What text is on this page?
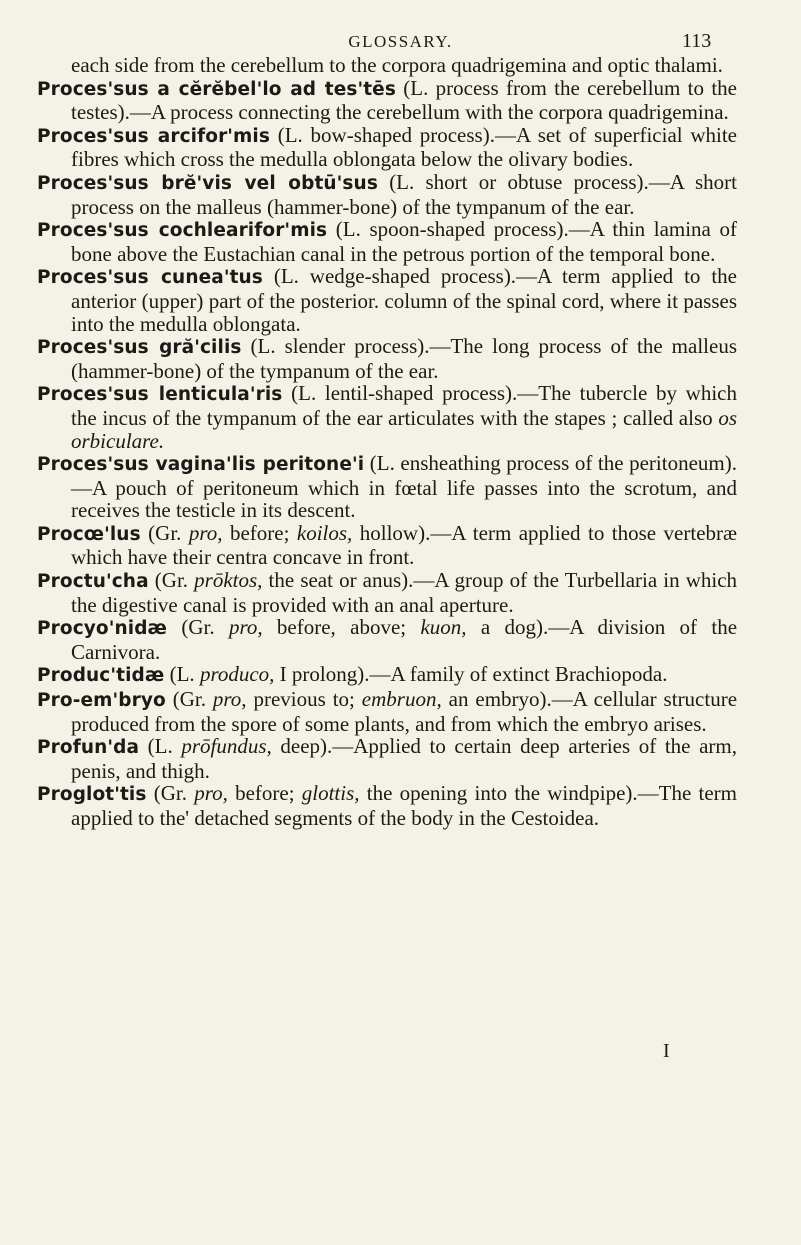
GLOSSARY.	113

each side from the cerebellum to the corpora quadrigemina and optic thalami.

Proces'sus a cĕrĕbel'lo ad tes'tēs (L. process from the cerebellum to the testes).—A process connecting the cerebellum with the corpora quadrigemina.

Proces'sus arcifor'mis (L. bow-shaped process).—A set of superficial white fibres which cross the medulla oblongata below the olivary bodies.

Proces'sus brĕ'vis vel obtū'sus (L. short or obtuse process).—A short process on the malleus (hammer-bone) of the tympanum of the ear.

Proces'sus cochlearifor'mis (L. spoon-shaped process).—A thin lamina of bone above the Eustachian canal in the petrous portion of the temporal bone.

Proces'sus cunea'tus (L. wedge-shaped process).—A term applied to the anterior (upper) part of the posterior. column of the spinal cord, where it passes into the medulla oblongata.

Proces'sus gră'cilis (L. slender process).—The long process of the malleus (hammer-bone) of the tympanum of the ear.

Proces'sus lenticula'ris (L. lentil-shaped process).—The tubercle by which the incus of the tympanum of the ear articulates with the stapes ; called also os orbiculare.

Proces'sus vagina'lis peritone'i (L. ensheathing process of the peritoneum).—A pouch of peritoneum which in fœtal life passes into the scrotum, and receives the testicle in its descent.

Procœ'lus (Gr. pro, before; koilos, hollow).—A term applied to those vertebræ which have their centra concave in front.

Proctu'cha (Gr. prōktos, the seat or anus).—A group of the Turbellaria in which the digestive canal is provided with an anal aperture.

Procyo'nidæ (Gr. pro, before, above; kuon, a dog).—A division of the Carnivora.

Produc'tidæ (L. produco, I prolong).—A family of extinct Brachiopoda.

Pro-em'bryo (Gr. pro, previous to; embruon, an embryo).—A cellular structure produced from the spore of some plants, and from which the embryo arises.

Profun'da (L. prōfundus, deep).—Applied to certain deep arteries of the arm, penis, and thigh.

Proglot'tis (Gr. pro, before; glottis, the opening into the windpipe).—The term applied to the' detached segments of the body in the Cestoidea.

I
